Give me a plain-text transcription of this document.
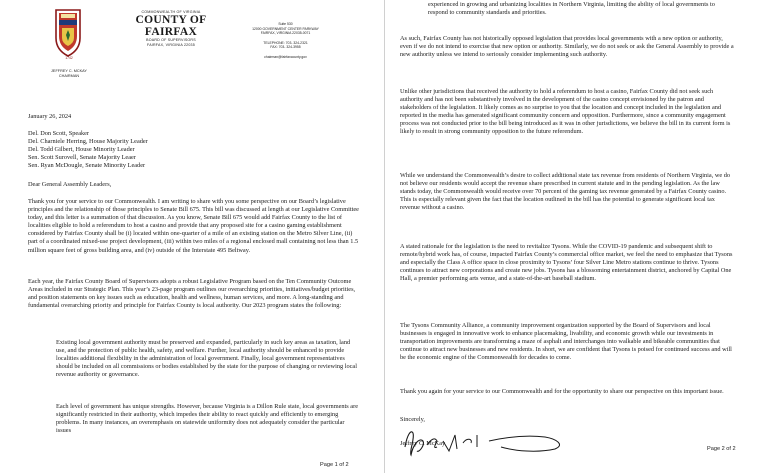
1742
JEFFREY C. MCKAY
CHAIRMAN
COMMONWEALTH OF VIRGINIA
COUNTY OF FAIRFAX
BOARD OF SUPERVISORS
FAIRFAX, VIRGINIA 22035
Suite 530
12000 GOVERNMENT CENTER PARKWAY
FAIRFAX, VIRGINIA 22035-0071
TELEPHONE: 703- 324-2321
FAX: 703- 324-3955
chairman@fairfaxcounty.gov
January 26, 2024
Del. Don Scott, Speaker
Del. Charniele Herring, House Majority Leader
Del. Todd Gilbert, House Minority Leader
Sen. Scott Surovell, Senate Majority Leaer
Sen. Ryan McDougle, Senate Minority Leader
Dear General Assembly Leaders,

Thank you for your service to our Commonwealth. I am writing to share with you some perspective on our Board’s legislative principles and the relationship of those principles to Senate Bill 675. This bill was discussed at length at our Legislative Committee today, and this letter is a summation of that discussion. As you know, Senate Bill 675 would add Fairfax County to the list of localities eligible to hold a referendum to host a casino and provide that any proposed site for a casino gaming establishment considered by Fairfax County shall be (i) located within one-quarter of a mile of an existing station on the Metro Silver Line, (ii) part of a coordinated mixed-use project development, (iii) within two miles of a regional enclosed mall containing not less than 1.5 million square feet of gross building area, and (iv) outside of the Interstate 495 Beltway.

Each year, the Fairfax County Board of Supervisors adopts a robust Legislative Program based on the Ten Community Outcome Areas included in our Strategic Plan. This year’s 23-page program outlines our overarching priorities, initiatives/budget priorities, and position statements on key issues such as education, health and wellness, human services, and more. A long-standing and fundamental overarching priority and principle for Fairfax County is local authority. Our 2023 program states the following:

Existing local government authority must be preserved and expanded, particularly in such key areas as taxation, land use, and the protection of public health, safety, and welfare. Further, local authority should be enhanced to provide localities additional flexibility in the administration of local government. Finally, local government representatives should be included on all commissions or bodies established by the state for the purpose of changing or reviewing local revenue authority or governance.

Each level of government has unique strengths. However, because Virginia is a Dillon Rule state, local governments are significantly restricted in their authority, which impedes their ability to react quickly and efficiently to emerging problems. In many instances, an overemphasis on statewide uniformity does not adequately consider the particular issues

Page 1 of 2

experienced in growing and urbanizing localities in Northern Virginia, limiting the ability of local governments to respond to community standards and priorities.

As such, Fairfax County has not historically opposed legislation that provides local governments with a new option or authority, even if we do not intend to exercise that new option or authority. Similarly, we do not seek or ask the General Assembly to provide a new authority unless we intend to seriously consider implementing such authority.

Unlike other jurisdictions that received the authority to hold a referendum to host a casino, Fairfax County did not seek such authority and has not been substantively involved in the development of the casino concept envisioned by the patron and stakeholders of the legislation. It likely comes as no surprise to you that the location and concept included in the legislation and reported in the media has generated significant community concern and opposition. Furthermore, since a community engagement process was not conducted prior to the bill being introduced as it was in other jurisdictions, we believe the bill in its current form is likely to result in strong community opposition to the future referendum.

While we understand the Commonwealth’s desire to collect additional state tax revenue from residents of Northern Virginia, we do not believe our residents would accept the revenue share prescribed in current statute and in the pending legislation. As the law stands today, the Commonwealth would receive over 70 percent of the gaming tax revenue generated by a Fairfax County casino. This is especially relevant given the fact that the location outlined in the bill has the potential to generate significant local tax revenue without a casino.

A stated rationale for the legislation is the need to revitalize Tysons. While the COVID-19 pandemic and subsequent shift to remote/hybrid work has, of course, impacted Fairfax County’s commercial office market, we feel the need to emphasize that Tysons and especially the Class A office space in close proximity to Tysons’ four Silver Line Metro stations continue to thrive. Tysons continues to attract new corporations and create new jobs. Tysons has a blossoming entertainment district, anchored by Capital One Hall, a premier performing arts venue, and a state-of-the-art baseball stadium.

The Tysons Community Alliance, a community improvement organization supported by the Board of Supervisors and local businesses is engaged in innovative work to enhance placemaking, livability, and economic growth while our investments in transportation improvements are transforming a maze of asphalt and interchanges into walkable and bikeable communities that continue to attract new businesses and new residents. In short, we are confident that Tysons is poised for continued success and will be the economic engine of the Commonwealth for decades to come.

Thank you again for your service to our Commonwealth and for the opportunity to share our perspective on this important issue.

Sincerely,
Jeffrey C. McKay
Page 2 of 2
